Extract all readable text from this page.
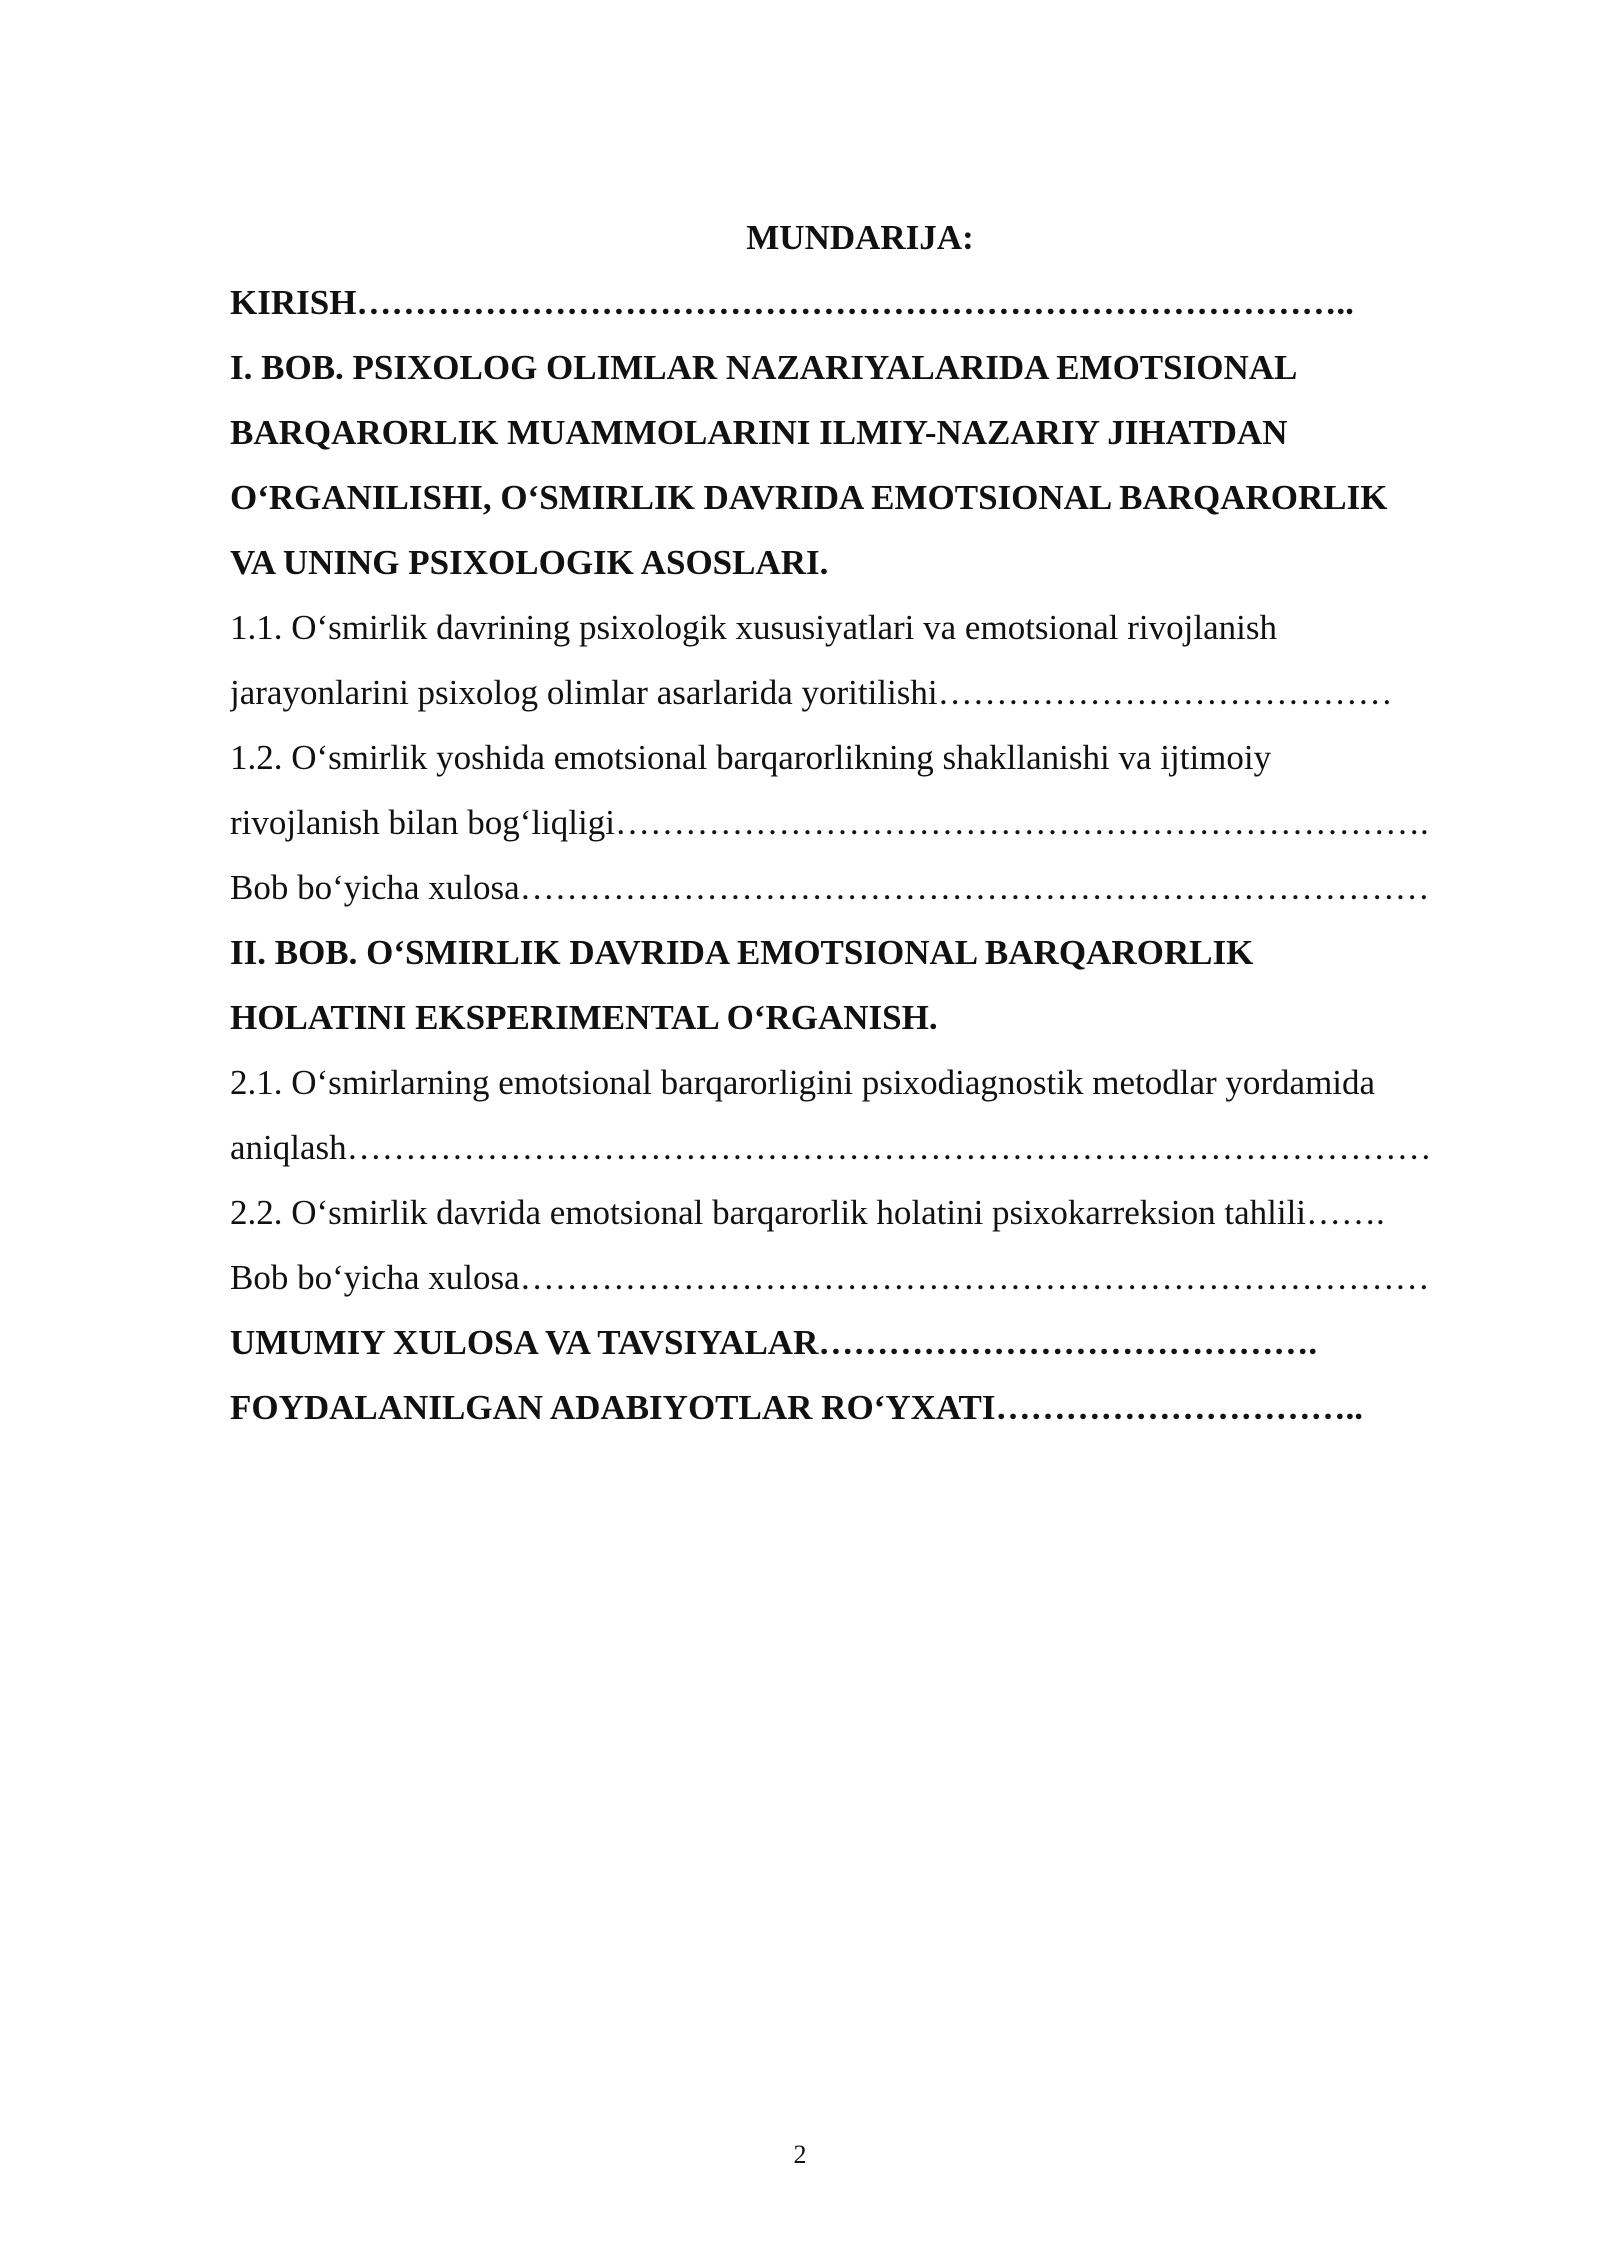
MUNDARIJA:
KIRISH…………………………………………………………………………..
I. BOB. PSIXOLOG OLIMLAR NAZARIYALARIDA EMOTSIONAL
BARQARORLIK MUAMMOLARINI ILMIY-NAZARIY JIHATDAN
O‘RGANILISHI, O‘SMIRLIK DAVRIDA EMOTSIONAL BARQARORLIK
VA UNING PSIXOLOGIK ASOSLARI.
1.1. O‘smirlik davrining psixologik xususiyatlari va emotsional rivojlanish
jarayonlarini psixolog olimlar asarlarida yoritilishi…………………………………
1.2. O‘smirlik yoshida emotsional barqarorlikning shakllanishi va ijtimoiy
rivojlanish bilan bog‘liqligi…………………………………………………………….
Bob bo‘yicha xulosa……………………………………………………………………
II. BOB. O‘SMIRLIK DAVRIDA EMOTSIONAL BARQARORLIK
HOLATINI EKSPERIMENTAL O‘RGANISH.
2.1. O‘smirlarning emotsional barqarorligini psixodiagnostik metodlar yordamida
aniqlash…………………………………………………………………………………
2.2. O‘smirlik davrida emotsional barqarorlik holatini psixokarreksion tahlili…….
Bob bo‘yicha xulosa……………………………………………………………………
UMUMIY XULOSA VA TAVSIYALAR…………………………………….
FOYDALANILGAN ADABIYOTLAR RO‘YXATI…………………………..
2
